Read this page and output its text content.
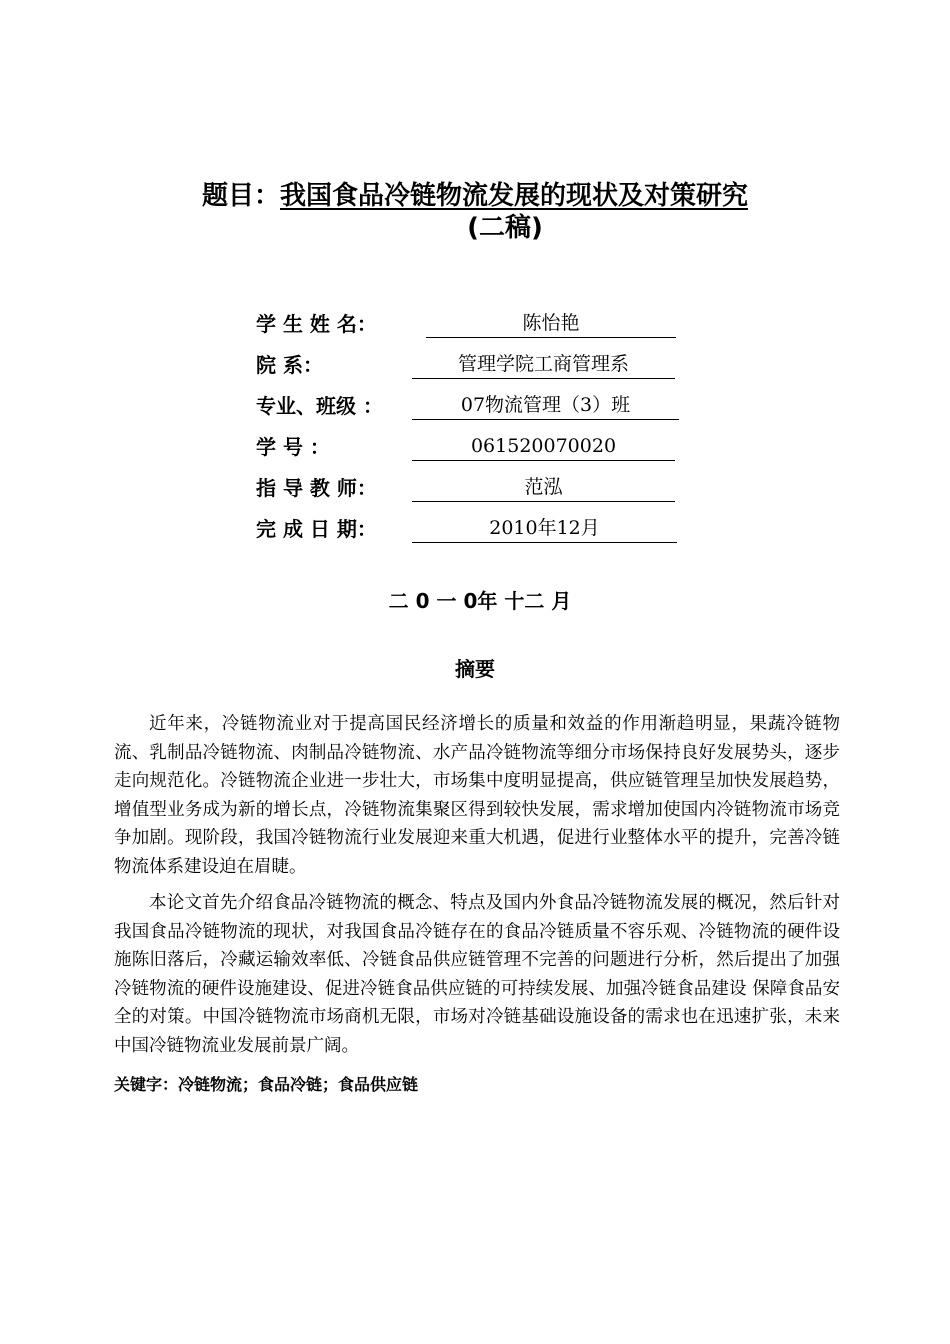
题目：我国食品冷链物流发展的现状及对策研究
(二稿)
学 生 姓 名：	陈怡艳
院 系：	管理学院工商管理系
专业、班级 ：	07物流管理（3）班
学 号 ：	061520070020
指 导 教 师：	范泓
完 成 日 期：	2010年12月
二 0 一 0年 十二 月
摘要

近年来，冷链物流业对于提高国民经济增长的质量和效益的作用渐趋明显，果蔬冷链物流、乳制品冷链物流、肉制品冷链物流、水产品冷链物流等细分市场保持良好发展势头，逐步走向规范化。冷链物流企业进一步壮大，市场集中度明显提高，供应链管理呈加快发展趋势，增值型业务成为新的增长点，冷链物流集聚区得到较快发展，需求增加使国内冷链物流市场竞争加剧。现阶段，我国冷链物流行业发展迎来重大机遇，促进行业整体水平的提升，完善冷链物流体系建设迫在眉睫。

本论文首先介绍食品冷链物流的概念、特点及国内外食品冷链物流发展的概况，然后针对我国食品冷链物流的现状，对我国食品冷链存在的食品冷链质量不容乐观、冷链物流的硬件设施陈旧落后，冷藏运输效率低、冷链食品供应链管理不完善的问题进行分析，然后提出了加强冷链物流的硬件设施建设、促进冷链食品供应链的可持续发展、加强冷链食品建设 保障食品安全的对策。中国冷链物流市场商机无限，市场对冷链基础设施设备的需求也在迅速扩张，未来中国冷链物流业发展前景广阔。

关键字：冷链物流；食品冷链；食品供应链
